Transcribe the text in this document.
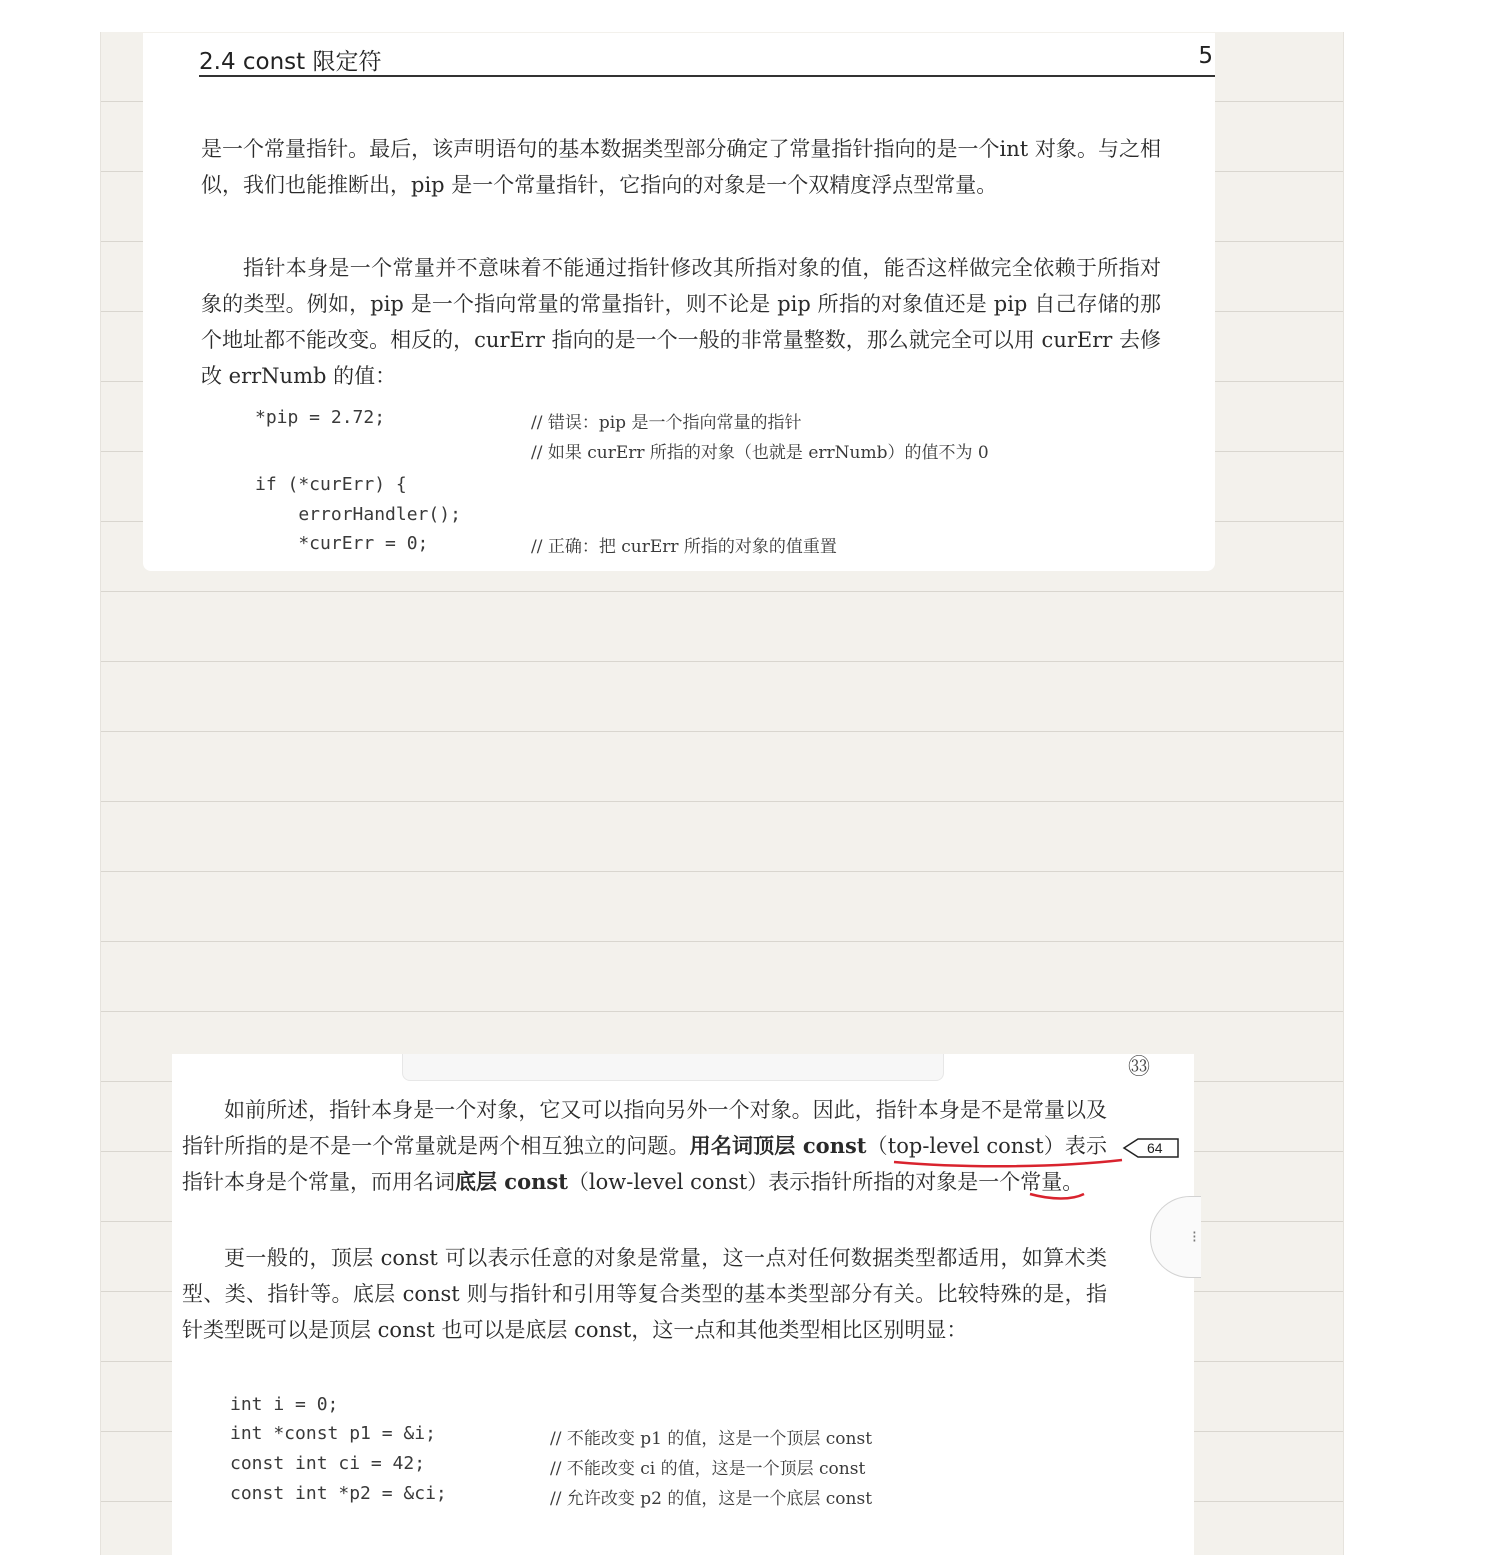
2.4 const 限定符	5

是一个常量指针。最后，该声明语句的基本数据类型部分确定了常量指针指向的是一个int 对象。与之相似，我们也能推断出，pip 是一个常量指针，它指向的对象是一个双精度浮点型常量。

指针本身是一个常量并不意味着不能通过指针修改其所指对象的值，能否这样做完全依赖于所指对象的类型。例如，pip 是一个指向常量的常量指针，则不论是 pip 所指的对象值还是 pip 自己存储的那个地址都不能改变。相反的，curErr 指向的是一个一般的非常量整数，那么就完全可以用 curErr 去修改 errNumb 的值：

*pip = 2.72;	// 错误：pip 是一个指向常量的指针
// 如果 curErr 所指的对象（也就是 errNumb）的值不为 0
if (*curErr) {
errorHandler();
*curErr = 0;	// 正确：把 curErr 所指的对象的值重置
㉝

如前所述，指针本身是一个对象，它又可以指向另外一个对象。因此，指针本身是不是常量以及指针所指的是不是一个常量就是两个相互独立的问题。用名词顶层 const（top-level const）表示指针本身是个常量，而用名词底层 const（low-level const）表示指针所指的对象是一个常量。

64

更一般的，顶层 const 可以表示任意的对象是常量，这一点对任何数据类型都适用，如算术类型、类、指针等。底层 const 则与指针和引用等复合类型的基本类型部分有关。比较特殊的是，指针类型既可以是顶层 const 也可以是底层 const，这一点和其他类型相比区别明显：

int i = 0;
int *const p1 = &i;	// 不能改变 p1 的值，这是一个顶层 const
const int ci = 42;	// 不能改变 ci 的值，这是一个顶层 const
const int *p2 = &ci;	// 允许改变 p2 的值，这是一个底层 const
⁝
